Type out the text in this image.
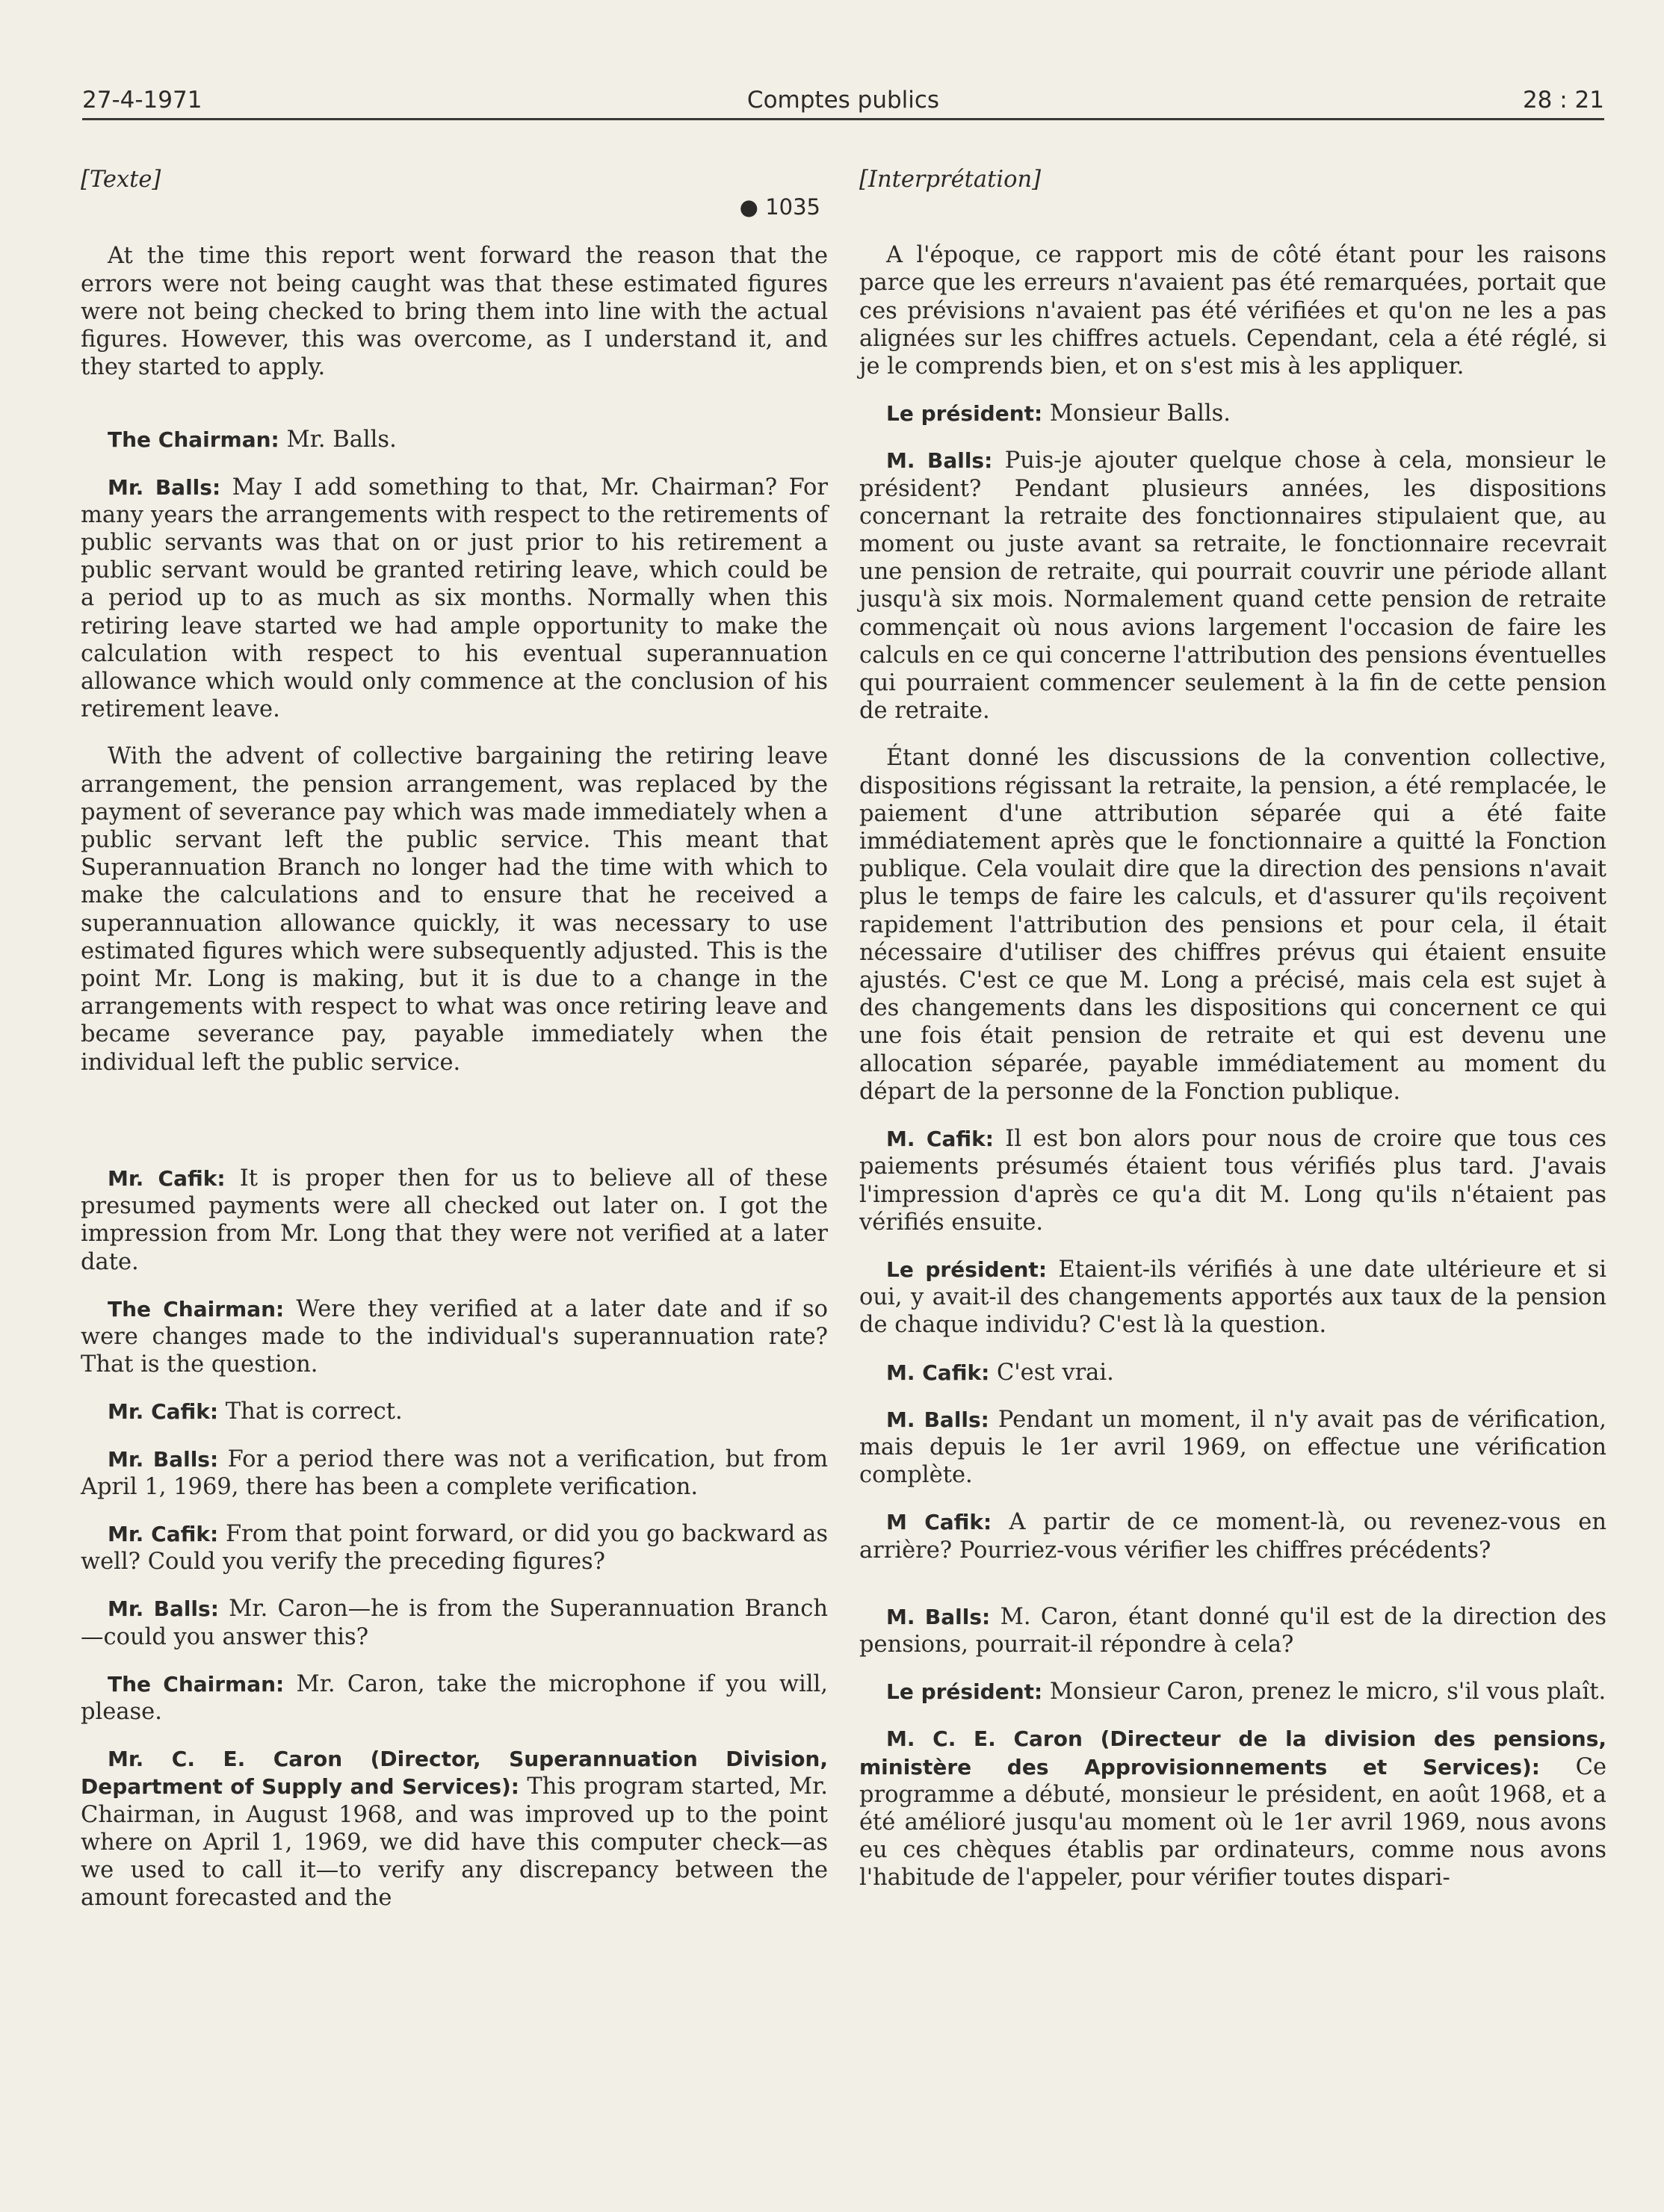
27-4-1971	Comptes publics	28 : 21
[Texte]
● 1035

At the time this report went forward the reason that the errors were not being caught was that these estimated figures were not being checked to bring them into line with the actual figures. However, this was overcome, as I understand it, and they started to apply.

The Chairman: Mr. Balls.

Mr. Balls: May I add something to that, Mr. Chairman? For many years the arrangements with respect to the retirements of public servants was that on or just prior to his retirement a public servant would be granted retiring leave, which could be a period up to as much as six months. Normally when this retiring leave started we had ample opportunity to make the calculation with respect to his eventual superannuation allowance which would only commence at the conclusion of his retirement leave.

With the advent of collective bargaining the retiring leave arrangement, the pension arrangement, was replaced by the payment of severance pay which was made immediately when a public servant left the public service. This meant that Superannuation Branch no longer had the time with which to make the calculations and to ensure that he received a superannuation allowance quickly, it was necessary to use estimated figures which were subsequently adjusted. This is the point Mr. Long is making, but it is due to a change in the arrangements with respect to what was once retiring leave and became severance pay, payable immediately when the individual left the public service.

Mr. Cafik: It is proper then for us to believe all of these presumed payments were all checked out later on. I got the impression from Mr. Long that they were not verified at a later date.

The Chairman: Were they verified at a later date and if so were changes made to the individual's superannuation rate? That is the question.

Mr. Cafik: That is correct.

Mr. Balls: For a period there was not a verification, but from April 1, 1969, there has been a complete verification.

Mr. Cafik: From that point forward, or did you go backward as well? Could you verify the preceding figures?

Mr. Balls: Mr. Caron—he is from the Superannuation Branch—could you answer this?

The Chairman: Mr. Caron, take the microphone if you will, please.

Mr. C. E. Caron (Director, Superannuation Division, Department of Supply and Services): This program started, Mr. Chairman, in August 1968, and was improved up to the point where on April 1, 1969, we did have this computer check—as we used to call it—to verify any discrepancy between the amount forecasted and the

[Interprétation]

A l'époque, ce rapport mis de côté étant pour les raisons parce que les erreurs n'avaient pas été remarquées, portait que ces prévisions n'avaient pas été vérifiées et qu'on ne les a pas alignées sur les chiffres actuels. Cependant, cela a été réglé, si je le comprends bien, et on s'est mis à les appliquer.

Le président: Monsieur Balls.

M. Balls: Puis-je ajouter quelque chose à cela, monsieur le président? Pendant plusieurs années, les dispositions concernant la retraite des fonctionnaires stipulaient que, au moment ou juste avant sa retraite, le fonctionnaire recevrait une pension de retraite, qui pourrait couvrir une période allant jusqu'à six mois. Normalement quand cette pension de retraite commençait où nous avions largement l'occasion de faire les calculs en ce qui concerne l'attribution des pensions éventuelles qui pourraient commencer seulement à la fin de cette pension de retraite.

Étant donné les discussions de la convention collective, dispositions régissant la retraite, la pension, a été remplacée, le paiement d'une attribution séparée qui a été faite immédiatement après que le fonctionnaire a quitté la Fonction publique. Cela voulait dire que la direction des pensions n'avait plus le temps de faire les calculs, et d'assurer qu'ils reçoivent rapidement l'attribution des pensions et pour cela, il était nécessaire d'utiliser des chiffres prévus qui étaient ensuite ajustés. C'est ce que M. Long a précisé, mais cela est sujet à des changements dans les dispositions qui concernent ce qui une fois était pension de retraite et qui est devenu une allocation séparée, payable immédiatement au moment du départ de la personne de la Fonction publique.

M. Cafik: Il est bon alors pour nous de croire que tous ces paiements présumés étaient tous vérifiés plus tard. J'avais l'impression d'après ce qu'a dit M. Long qu'ils n'étaient pas vérifiés ensuite.

Le président: Etaient-ils vérifiés à une date ultérieure et si oui, y avait-il des changements apportés aux taux de la pension de chaque individu? C'est là la question.

M. Cafik: C'est vrai.

M. Balls: Pendant un moment, il n'y avait pas de vérification, mais depuis le 1er avril 1969, on effectue une vérification complète.

M Cafik: A partir de ce moment-là, ou revenez-vous en arrière? Pourriez-vous vérifier les chiffres précédents?

M. Balls: M. Caron, étant donné qu'il est de la direction des pensions, pourrait-il répondre à cela?

Le président: Monsieur Caron, prenez le micro, s'il vous plaît.

M. C. E. Caron (Directeur de la division des pensions, ministère des Approvisionnements et Services): Ce programme a débuté, monsieur le président, en août 1968, et a été amélioré jusqu'au moment où le 1er avril 1969, nous avons eu ces chèques établis par ordinateurs, comme nous avons l'habitude de l'appeler, pour vérifier toutes dispari-
